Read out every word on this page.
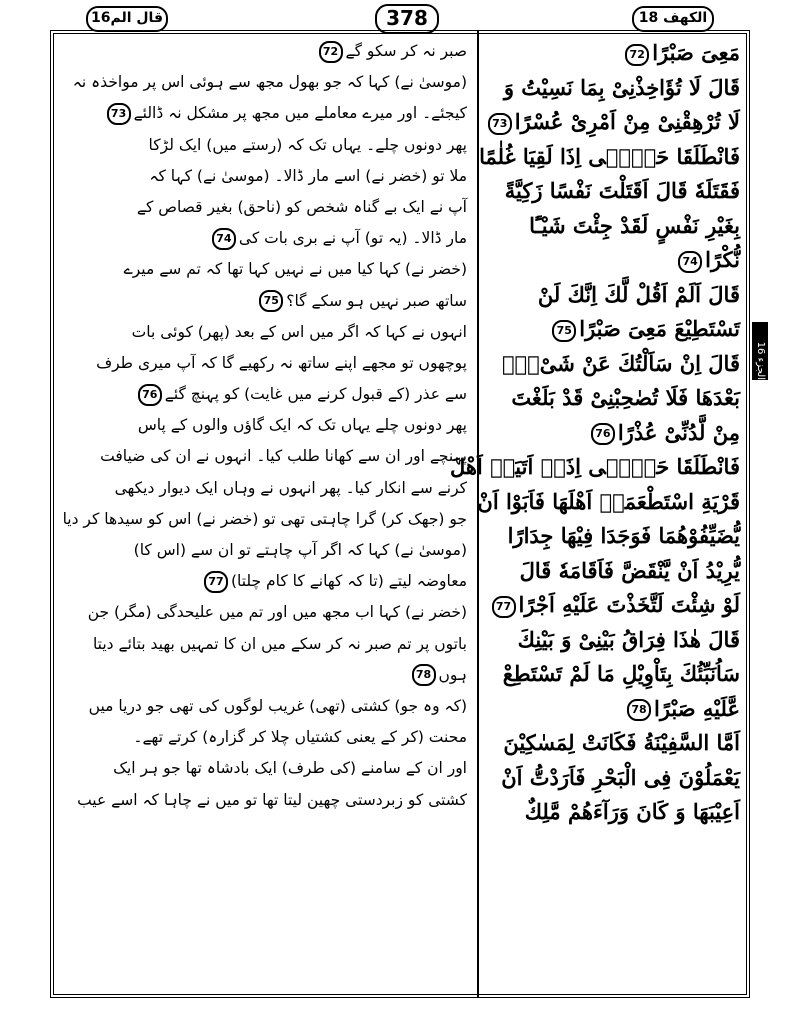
قال الم16	378	الکھف 18
مَعِیَ صَبْرًا72
قَالَ لَا تُؤَاخِذْنِیْ بِمَا نَسِیْتُ وَ
لَا تُرْهِقْنِیْ مِنْ اَمْرِیْ عُسْرًا73
فَانْطَلَقَا حَتّٰۤی اِذَا لَقِیَا غُلٰمًا
فَقَتَلَهٗ قَالَ اَقَتَلْتَ نَفْسًا زَكِیَّةً
بِغَیْرِ نَفْسٍ لَقَدْ جِئْتَ شَیْـًٔا
نُّكْرًا74
قَالَ اَلَمْ اَقُلْ لَّكَ اِنَّكَ لَنْ
تَسْتَطِیْعَ مَعِیَ صَبْرًا75
قَالَ اِنْ سَاَلْتُكَ عَنْ شَیْءٍۭ
بَعْدَهَا فَلَا تُصٰحِبْنِیْ قَدْ بَلَغْتَ
مِنْ لَّدُنِّیْ عُذْرًا76
فَانْطَلَقَا حَتّٰۤی اِذَاۤ اَتَیَاۤ اَهْلَ
قَرْیَةِ اسْتَطْعَمَاۤ اَهْلَهَا فَاَبَوْا اَنْ
یُّضَیِّفُوْهُمَا فَوَجَدَا فِیْهَا جِدَارًا
یُّرِیْدُ اَنْ یَّنْقَضَّ فَاَقَامَهٗ قَالَ
لَوْ شِئْتَ لَتَّخَذْتَ عَلَیْهِ اَجْرًا77
قَالَ هٰذَا فِرَاقُ بَیْنِیْ وَ بَیْنِكَ
سَاُنَبِّئُكَ بِتَاْوِیْلِ مَا لَمْ تَسْتَطِعْ
عَّلَیْهِ صَبْرًا78
اَمَّا السَّفِیْنَةُ فَكَانَتْ لِمَسٰكِیْنَ
یَعْمَلُوْنَ فِی الْبَحْرِ فَاَرَدْتُّ اَنْ
اَعِیْبَهَا وَ كَانَ وَرَآءَهُمْ مَّلِكٌ
صبر نہ کر سکو گے72
(موسیٰ نے) کہا کہ جو بھول مجھ سے ہوئی اس پر مواخذہ نہ
کیجئے۔ اور میرے معاملے میں مجھ پر مشکل نہ ڈالئے73
پھر دونوں چلے۔ یہاں تک کہ (رستے میں) ایک لڑکا
ملا تو (خضر نے) اسے مار ڈالا۔ (موسیٰ نے) کہا کہ
آپ نے ایک بے گناہ شخص کو (ناحق) بغیر قصاص کے
مار ڈالا۔ (یہ تو) آپ نے بری بات کی74
(خضر نے) کہا کیا میں نے نہیں کہا تھا کہ تم سے میرے
ساتھ صبر نہیں ہو سکے گا؟75
انہوں نے کہا کہ اگر میں اس کے بعد (پھر) کوئی بات
پوچھوں تو مجھے اپنے ساتھ نہ رکھیے گا کہ آپ میری طرف
سے عذر (کے قبول کرنے میں غایت) کو پہنچ گئے76
پھر دونوں چلے یہاں تک کہ ایک گاؤں والوں کے پاس
پہنچے اور ان سے کھانا طلب کیا۔ انہوں نے ان کی ضیافت
کرنے سے انکار کیا۔ پھر انہوں نے وہاں ایک دیوار دیکھی
جو (جھک کر) گرا چاہتی تھی تو (خضر نے) اس کو سیدھا کر دیا
(موسیٰ نے) کہا کہ اگر آپ چاہتے تو ان سے (اس کا)
معاوضہ لیتے (تا کہ کھانے کا کام چلتا)77
(خضر نے) کہا اب مجھ میں اور تم میں علیحدگی (مگر) جن
باتوں پر تم صبر نہ کر سکے میں ان کا تمہیں بھید بتائے دیتا
ہوں78
(کہ وہ جو) کشتی (تھی) غریب لوگوں کی تھی جو دریا میں
محنت (کر کے یعنی کشتیاں چلا کر گزارہ) کرتے تھے۔
اور ان کے سامنے (کی طرف) ایک بادشاہ تھا جو ہر ایک
کشتی کو زبردستی چھین لیتا تھا تو میں نے چاہا کہ اسے عیب
الجزء 16
